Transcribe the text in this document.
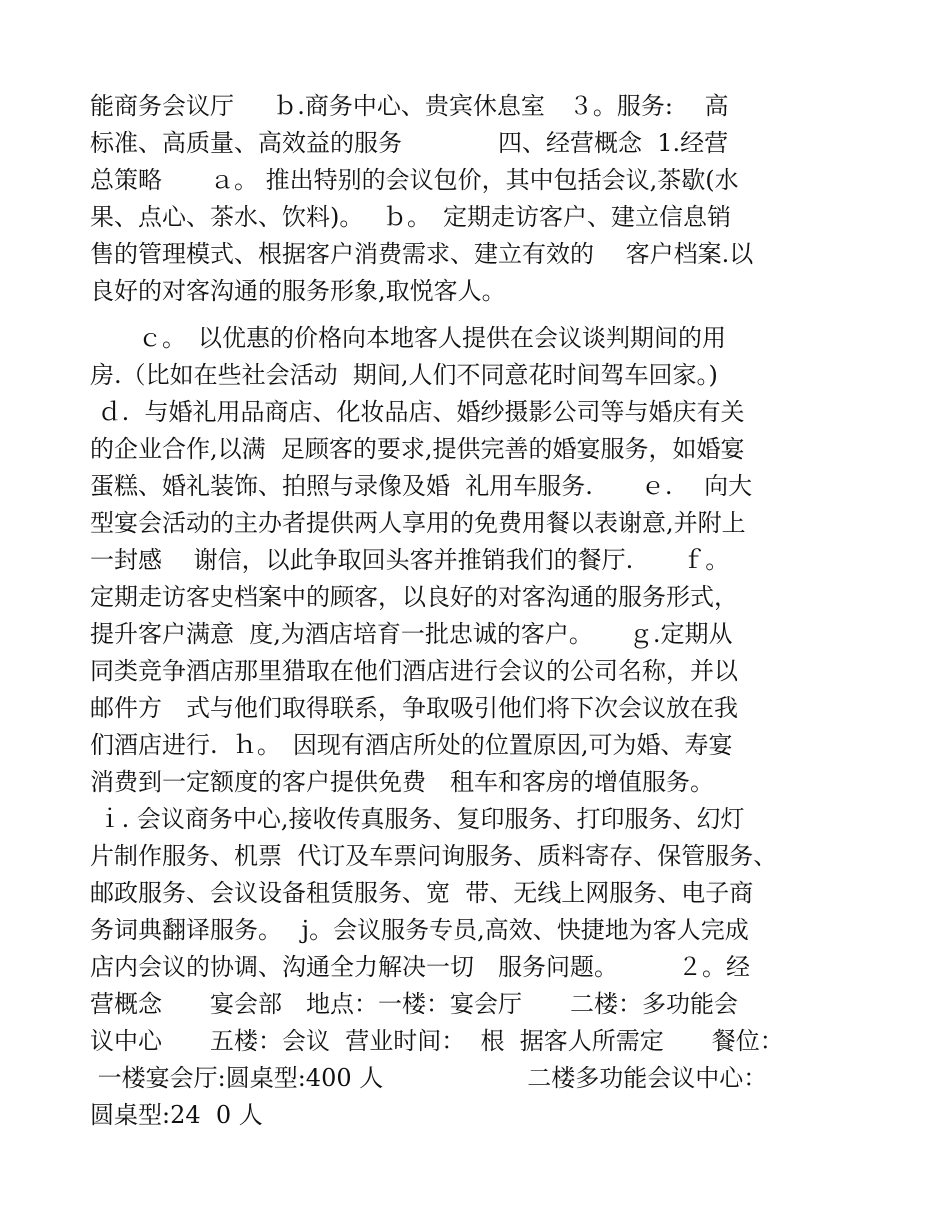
能商务会议厅　  ｂ.商务中心、贵宾休息室　３。服务:　 高
标准、高质量、高效益的服务　　　　四、经营概念  1.经营
总策略　　ａ。 推出特别的会议包价，其中包括会议,茶歇(水
果、点心、茶水、饮料)。　 ｂ。　定期走访客户、建立信息销
售的管理模式、根据客户消费需求、建立有效的　 客户档案.以
良好的对客沟通的服务形象,取悦客人。
　　ｃ。　以优惠的价格向本地客人提供在会议谈判期间的用
房.（比如在些社会活动  期间,人们不同意花时间驾车回家。)
ｄ.  与婚礼用品商店、化妆品店、婚纱摄影公司等与婚庆有关
的企业合作,以满  足顾客的要求,提供完善的婚宴服务，如婚宴
蛋糕、婚礼装饰、拍照与录像及婚  礼用车服务.　　ｅ.　 向大
型宴会活动的主办者提供两人享用的免费用餐以表谢意,并附上
一封感　 谢信，以此争取回头客并推销我们的餐厅.　　ｆ。
定期走访客史档案中的顾客，以良好的对客沟通的服务形式，
提升客户满意  度,为酒店培育一批忠诚的客户。　　ｇ.定期从
同类竞争酒店那里猎取在他们酒店进行会议的公司名称，并以
邮件方　式与他们取得联系，争取吸引他们将下次会议放在我
们酒店进行.  ｈ。　因现有酒店所处的位置原因,可为婚、寿宴
消费到一定额度的客户提供免费　租车和客房的增值服务。
ｉ. 会议商务中心,接收传真服务、复印服务、打印服务、幻灯
片制作服务、机票  代订及车票问询服务、质料寄存、保管服务、
邮政服务、会议设备租赁服务、宽  带、无线上网服务、电子商
务词典翻译服务。　 j。会议服务专员,高效、快捷地为客人完成
店内会议的协调、沟通全力解决一切　服务问题。　　　２。经
营概念　　宴会部　地点：一楼：宴会厅　　二楼：多功能会
议中心　　五楼：会议  营业时间：  根  据客人所需定　　餐位：
一楼宴会厅:圆桌型:400 人　　　　　　二楼多功能会议中心：
圆桌型:24  0 人
